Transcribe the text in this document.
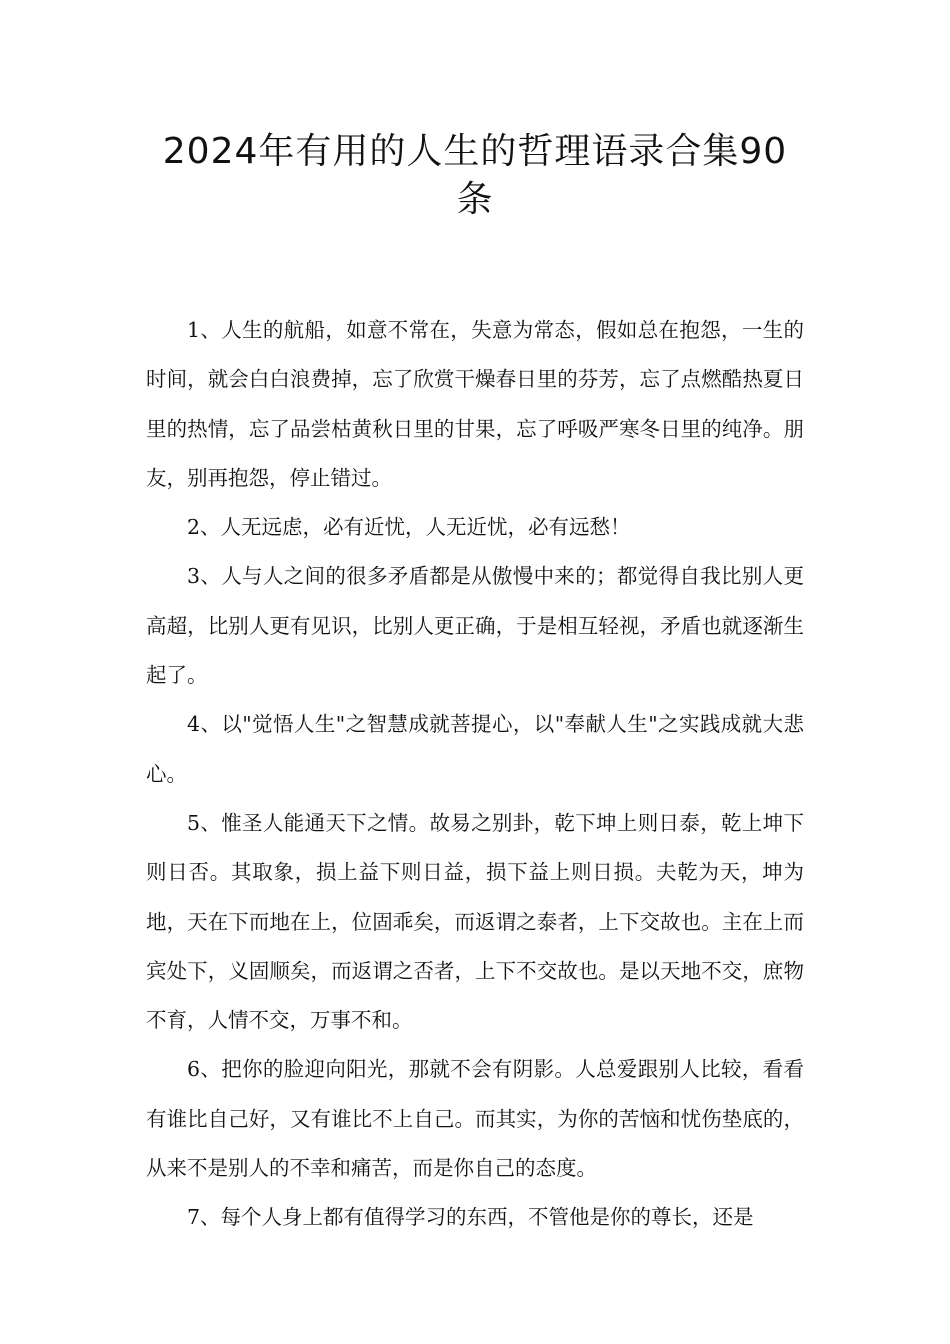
2024年有用的人生的哲理语录合集90
条

1、人生的航船，如意不常在，失意为常态，假如总在抱怨，一生的时间，就会白白浪费掉，忘了欣赏干燥春日里的芬芳，忘了点燃酷热夏日里的热情，忘了品尝枯黄秋日里的甘果，忘了呼吸严寒冬日里的纯净。朋友，别再抱怨，停止错过。

2、人无远虑，必有近忧，人无近忧，必有远愁！

3、人与人之间的很多矛盾都是从傲慢中来的；都觉得自我比别人更高超，比别人更有见识，比别人更正确，于是相互轻视，矛盾也就逐渐生起了。

4、以"觉悟人生"之智慧成就菩提心，以"奉献人生"之实践成就大悲心。

5、惟圣人能通天下之情。故易之别卦，乾下坤上则日泰，乾上坤下则日否。其取象，损上益下则日益，损下益上则日损。夫乾为天，坤为地，天在下而地在上，位固乖矣，而返谓之泰者，上下交故也。主在上而宾处下，义固顺矣，而返谓之否者，上下不交故也。是以天地不交，庶物不育，人情不交，万事不和。

6、把你的脸迎向阳光，那就不会有阴影。人总爱跟别人比较，看看有谁比自己好，又有谁比不上自己。而其实，为你的苦恼和忧伤垫底的，从来不是别人的不幸和痛苦，而是你自己的态度。

7、每个人身上都有值得学习的东西，不管他是你的尊长，还是
